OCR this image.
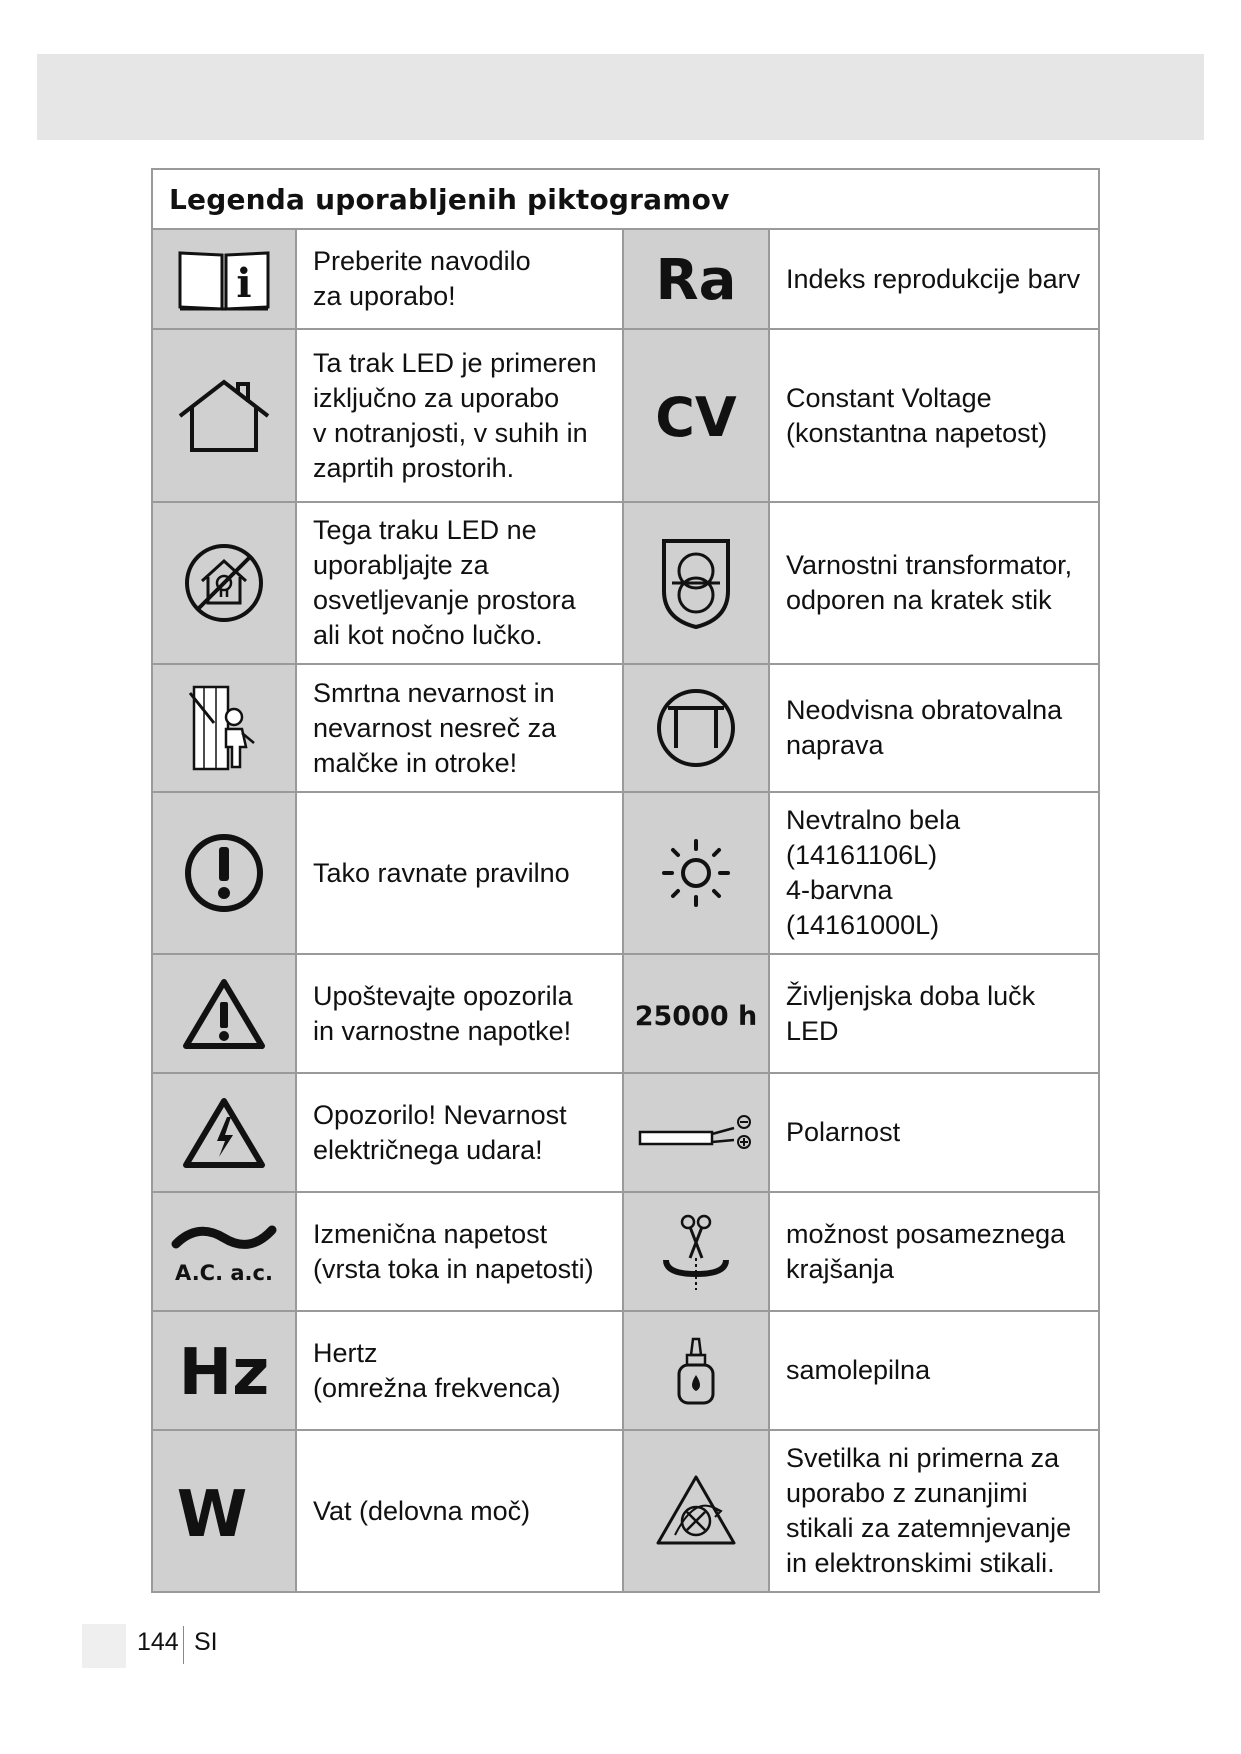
Legenda uporabljenih piktogramov			

i	Preberite navodilo
za uporabo!	Ra	Indeks reprodukcije barv

	Ta trak LED je primeren
izključno za uporabo
v notranjosti, v suhih in
zaprtih prostorih.	CV	Constant Voltage
(konstantna napetost)

	Tega traku LED ne
uporabljajte za
osvetljevanje prostora
ali kot nočno lučko.		Varnostni transformator,
odporen na kratek stik

	Smrtna nevarnost in
nevarnost nesreč za
malčke in otroke!		Neodvisna obratovalna
naprava

	Tako ravnate pravilno		Nevtralno bela
(14161106L)
4-barvna
(14161000L)

	Upoštevajte opozorila
in varnostne napotke!	25000 h	Življenjska doba lučk
LED

	Opozorilo! Nevarnost
električnega udara!		Polarnost

A.C. a.c.	Izmenična napetost
(vrsta toka in napetosti)		možnost posameznega
krajšanja

Hz	Hertz
(omrežna frekvenca)		samolepilna

W	Vat (delovna moč)		Svetilka ni primerna za
uporabo z zunanjimi
stikali za zatemnjevanje
in elektronskimi stikali.
144 SI
